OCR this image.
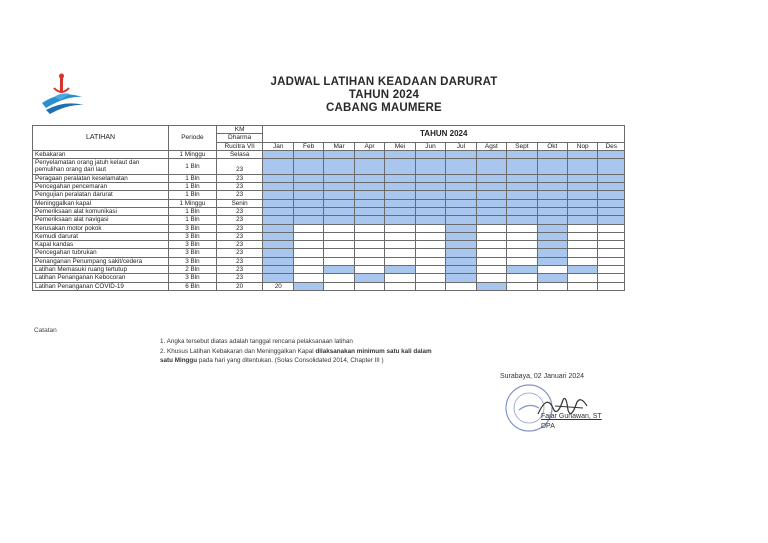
JADWAL LATIHAN KEADAAN DARURAT
TAHUN 2024
CABANG MAUMERE
LATIHAN	Periode	KM	TAHUN 2024											
		Dharma												
		Rucitra VII	Jan	Feb	Mar	Apr	Mei	Jun	Jul	Agst	Sept	Okt	Nop	Des

Kebakaran	1 Minggu	Selasa												

Penyelamatan orang jatuh kelaut dan
pemulihan orang dari laut	1 Bln	23												

Peragaan peralatan keselamatan	1 Bln	23												

Pencegahan pencemaran	1 Bln	23												

Pengujian peralatan darurat	1 Bln	23												

Meninggalkan kapal	1 Minggu	Senin												

Pemeriksaan alat komunikasi	1 Bln	23												

Pemeriksaan alat navigasi	1 Bln	23												

Kerusakan motor pokok	3 Bln	23												

Kemudi darurat	3 Bln	23												

Kapal kandas	3 Bln	23												

Pencegahan tubrukan	3 Bln	23												

Penanganan Penumpang sakit/cedera	3 Bln	23												

Latihan Memasuki ruang tertutup	2 Bln	23												

Latihan Penanganan Kebocoran	3 Bln	23												

Latihan Penanganan COVID-19	6 Bln	20	20											
Catatan
1. Angka tersebut diatas adalah tanggal rencana pelaksanaan latihan
2. Khusus Latihan Kebakaran dan Meninggalkan Kapal dilaksanakan minimum satu kali dalam
satu Minggu pada hari yang ditentukan. (Solas Consolidated 2014, Chapter III )
Surabaya, 02 Januari 2024
Fajar Gunawan, ST
DPA
